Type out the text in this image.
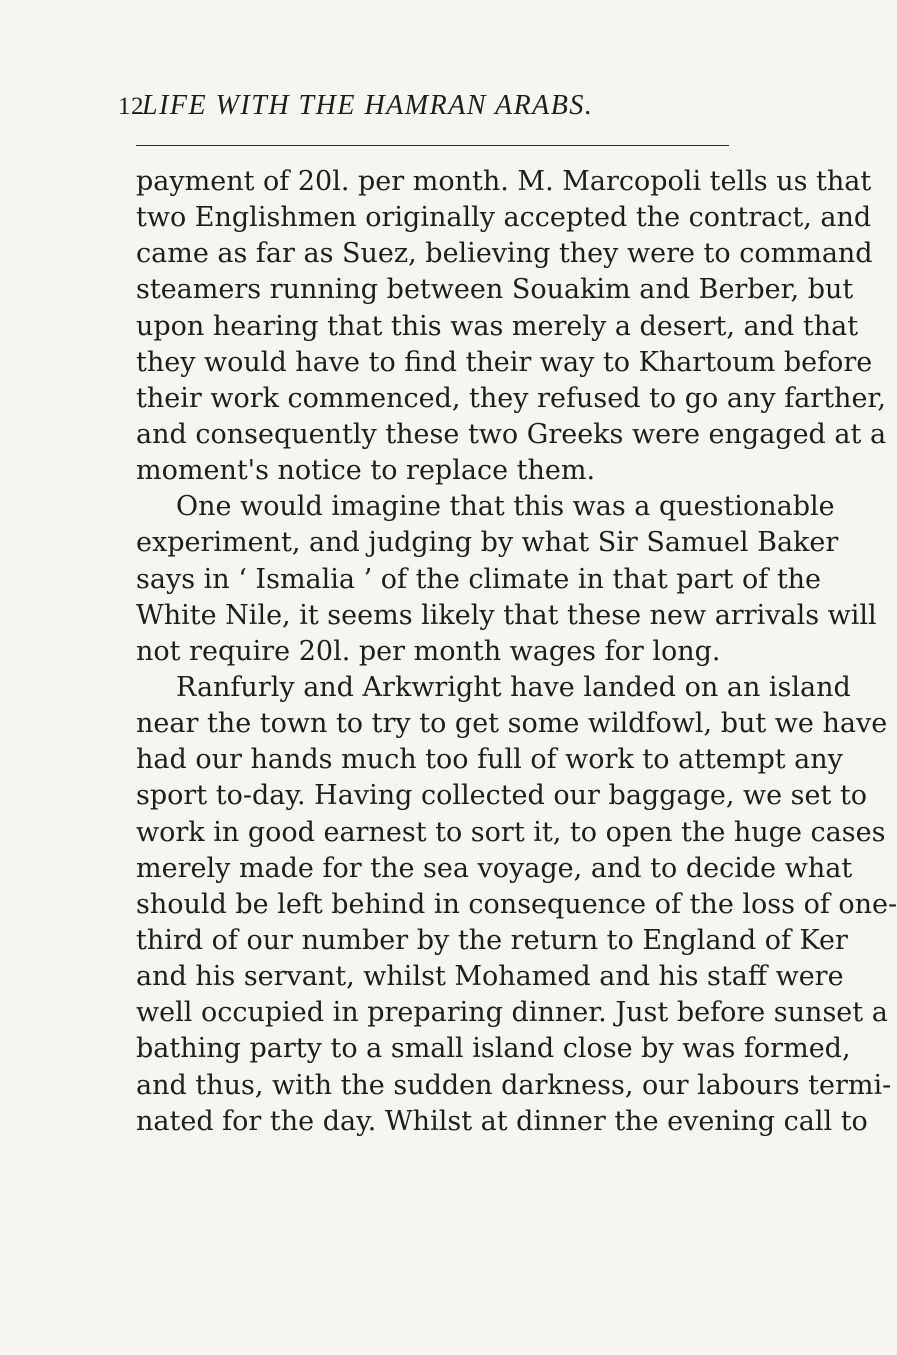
12
LIFE WITH THE HAMRAN ARABS.
payment of 20l. per month. M. Marcopoli tells us that
two Englishmen originally accepted the contract, and
came as far as Suez, believing they were to command
steamers running between Souakim and Berber, but
upon hearing that this was merely a desert, and that
they would have to find their way to Khartoum before
their work commenced, they refused to go any farther,
and consequently these two Greeks were engaged at a
moment's notice to replace them.
One would imagine that this was a questionable
experiment, and judging by what Sir Samuel Baker
says in ‘ Ismalia ’ of the climate in that part of the
White Nile, it seems likely that these new arrivals will
not require 20l. per month wages for long.
Ranfurly and Arkwright have landed on an island
near the town to try to get some wildfowl, but we have
had our hands much too full of work to attempt any
sport to-day. Having collected our baggage, we set to
work in good earnest to sort it, to open the huge cases
merely made for the sea voyage, and to decide what
should be left behind in consequence of the loss of one-
third of our number by the return to England of Ker
and his servant, whilst Mohamed and his staff were
well occupied in preparing dinner. Just before sunset a
bathing party to a small island close by was formed,
and thus, with the sudden darkness, our labours termi-
nated for the day. Whilst at dinner the evening call to
